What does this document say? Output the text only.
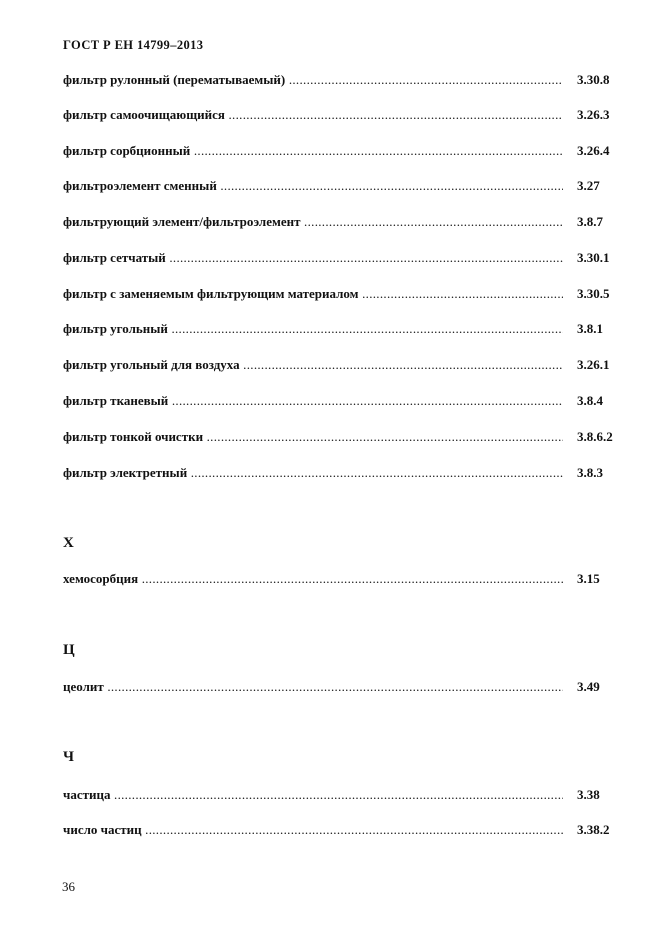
ГОСТ Р ЕН 14799–2013
фильтр рулонный (перематываемый) .....	3.30.8
фильтр самоочищающийся .....	3.26.3
фильтр сорбционный .....	3.26.4
фильтроэлемент сменный .....	3.27
фильтрующий элемент/фильтроэлемент .....	3.8.7
фильтр сетчатый .....	3.30.1
фильтр с заменяемым фильтрующим материалом .....	3.30.5
фильтр угольный .....	3.8.1
фильтр угольный для воздуха .....	3.26.1
фильтр тканевый .....	3.8.4
фильтр тонкой очистки .....	3.8.6.2
фильтр электретный .....	3.8.3
Х
хемосорбция .....	3.15
Ц
цеолит .....	3.49
Ч
частица .....	3.38
число частиц .....	3.38.2
36
